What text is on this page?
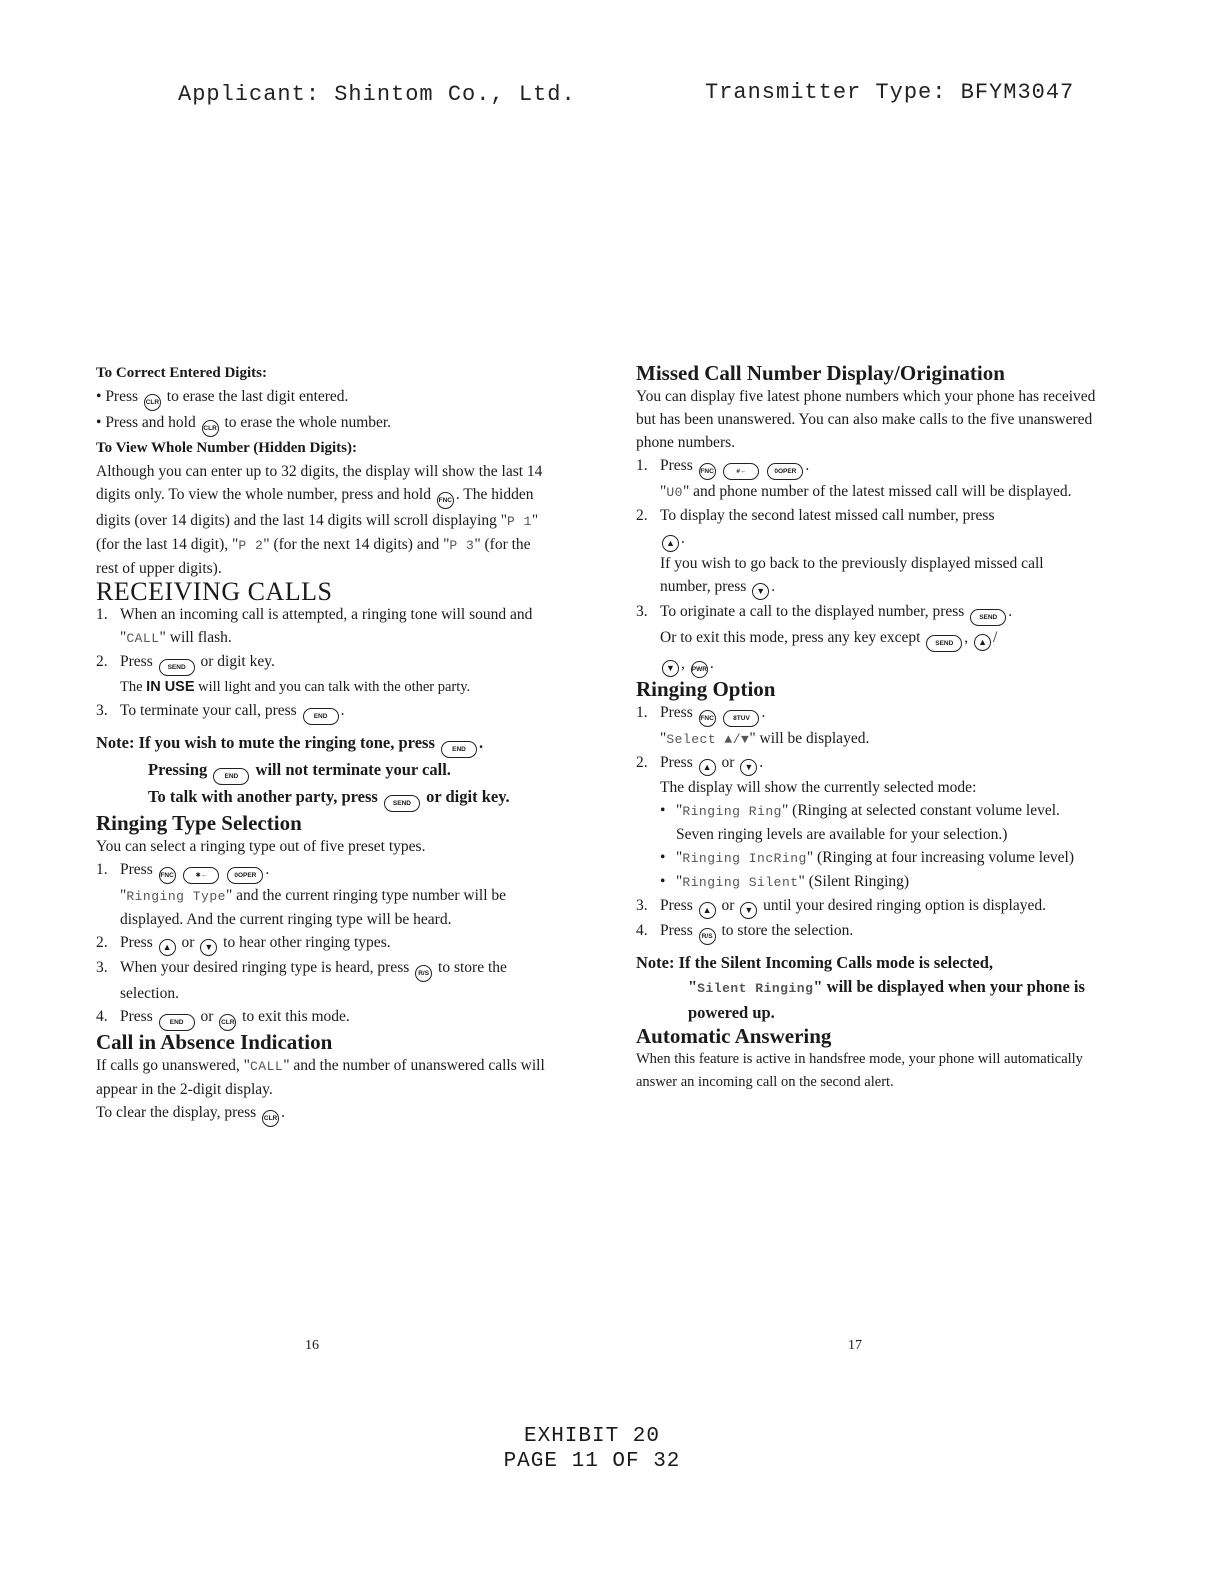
Applicant: Shintom Co., Ltd.	Transmitter Type: BFYM3047

To Correct Entered Digits:

• Press CLR to erase the last digit entered.

• Press and hold CLR to erase the whole number.

To View Whole Number (Hidden Digits):

Although you can enter up to 32 digits, the display will show the last 14 digits only. To view the whole number, press and hold FNC . The hidden digits (over 14 digits) and the last 14 digits will scroll displaying "P 1" (for the last 14 digit), "P 2" (for the next 14 digits) and "P 3" (for the rest of upper digits).

RECEIVING CALLS

1. When an incoming call is attempted, a ringing tone will sound and "CALL" will flash.
2. Press SEND or digit key.

The IN USE will light and you can talk with the other party.

3. To terminate your call, press	END .
Note: If you wish to mute the ringing tone, press	END .
Pressing	END will not terminate your call.
To talk with another party, press SEND or digit key.

Ringing Type Selection

You can select a ringing type out of five preset types.

1. Press FNC	✱←	0OPER .

"Ringing Type" and the current ringing type number will be displayed. And the current ringing type will be heard.

2. Press ▲ or ▼ to hear other ringing types.
3. When your desired ringing type is heard, press R/S to store the selection.
4. Press	END or CLR to exit this mode.

Call in Absence Indication

If calls go unanswered, "CALL" and the number of unanswered calls will appear in the 2-digit display.

To clear the display, press CLR .

Missed Call Number Display/Origination

You can display five latest phone numbers which your phone has received but has been unanswered. You can also make calls to the five unanswered phone numbers.

1. Press FNC	#←	0OPER .

"U0" and phone number of the latest missed call will be displayed.

2. To display the second latest missed call number, press
▲ .

If you wish to go back to the previously displayed missed call number, press ▼ .

3. To originate a call to the displayed number, press SEND .

Or to exit this mode, press any key except SEND , ▲ /
▼ , PWR .

Ringing Option

1. Press FNC	8TUV .

"Select ▲/▼" will be displayed.

2. Press ▲ or ▼ .

The display will show the currently selected mode:

• "Ringing Ring" (Ringing at selected constant volume level. Seven ringing levels are available for your selection.)
• "Ringing IncRing" (Ringing at four increasing volume level)
• "Ringing Silent" (Silent Ringing)
3. Press ▲ or ▼ until your desired ringing option is displayed.
4. Press R/S to store the selection.
Note: If the Silent Incoming Calls mode is selected,
"Silent Ringing" will be displayed when your phone is powered up.

Automatic Answering

When this feature is active in handsfree mode, your phone will automatically answer an incoming call on the second alert.

16	17
EXHIBIT 20
PAGE 11 OF 32
